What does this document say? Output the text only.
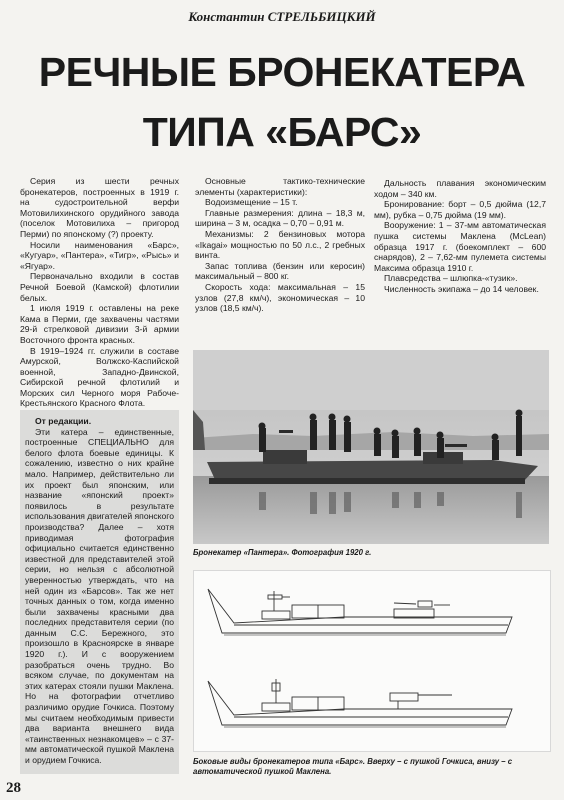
Константин СТРЕЛЬБИЦКИЙ
РЕЧНЫЕ БРОНЕКАТЕРА
ТИПА «БАРС»

Серия из шести речных бронекатеров, построенных в 1919 г. на судостроительной верфи Мотовилихинского орудийного завода (поселок Мотовилиха – пригород Перми) по японскому (?) проекту.

Носили наименования «Барс», «Кугуар», «Пантера», «Тигр», «Рысь» и «Ягуар».

Первоначально входили в состав Речной Боевой (Камской) флотилии белых.

1 июля 1919 г. оставлены на реке Кама в Перми, где захвачены частями 29-й стрелковой дивизии 3-й армии Восточного фронта красных.

В 1919–1924 гг. служили в составе Амурской, Волжско-Каспийской военной, Западно-Двинской, Сибирской речной флотилий и Морских сил Черного моря Рабоче-Крестьянского Красного Флота.

Основные тактико-технические элементы (характеристики):

Водоизмещение – 15 т.

Главные размерения: длина – 18,3 м, ширина – 3 м, осадка – 0,70 – 0,91 м.

Механизмы: 2 бензиновых мотора «Ikagai» мощностью по 50 л.с., 2 гребных винта.

Запас топлива (бензин или керосин) максимальный – 800 кг.

Скорость хода: максимальная – 15 узлов (27,8 км/ч), экономическая – 10 узлов (18,5 км/ч).

Дальность плавания экономическим ходом – 340 км.

Бронирование: борт – 0,5 дюйма (12,7 мм), рубка – 0,75 дюйма (19 мм).

Вооружение: 1 – 37-мм автоматическая пушка системы Маклена (McLean) образца 1917 г. (боекомплект – 600 снарядов), 2 – 7,62-мм пулемета системы Максима образца 1910 г.

Плавсредства – шлюпка-«тузик».

Численность экипажа – до 14 человек.

От редакции.

Эти катера – единственные, построенные СПЕЦИАЛЬНО для белого флота боевые единицы. К сожалению, известно о них крайне мало. Например, действительно ли их проект был японским, или название «японский проект» появилось в результате использования двигателей японского производства? Далее – хотя приводимая фотография официально считается единственно известной для представителей этой серии, но нельзя с абсолютной уверенностью утверждать, что на ней один из «Барсов». Так же нет точных данных о том, когда именно были захвачены красными два последних представителя серии (по данным С.С. Бережного, это произошло в Красноярске в январе 1920 г.). И с вооружением разобраться очень трудно. Во всяком случае, по документам на этих катерах стояли пушки Маклена. Но на фотографии отчетливо различимо орудие Гочкиса. Поэтому мы считаем необходимым привести два варианта внешнего вида «таинственных незнакомцев» – с 37-мм автоматической пушкой Маклена и орудием Гочкиса.

Бронекатер «Пантера». Фотография 1920 г.
Боковые виды бронекатеров типа «Барс». Вверху – с пушкой Гочкиса, внизу – с автоматической пушкой Маклена.
28
